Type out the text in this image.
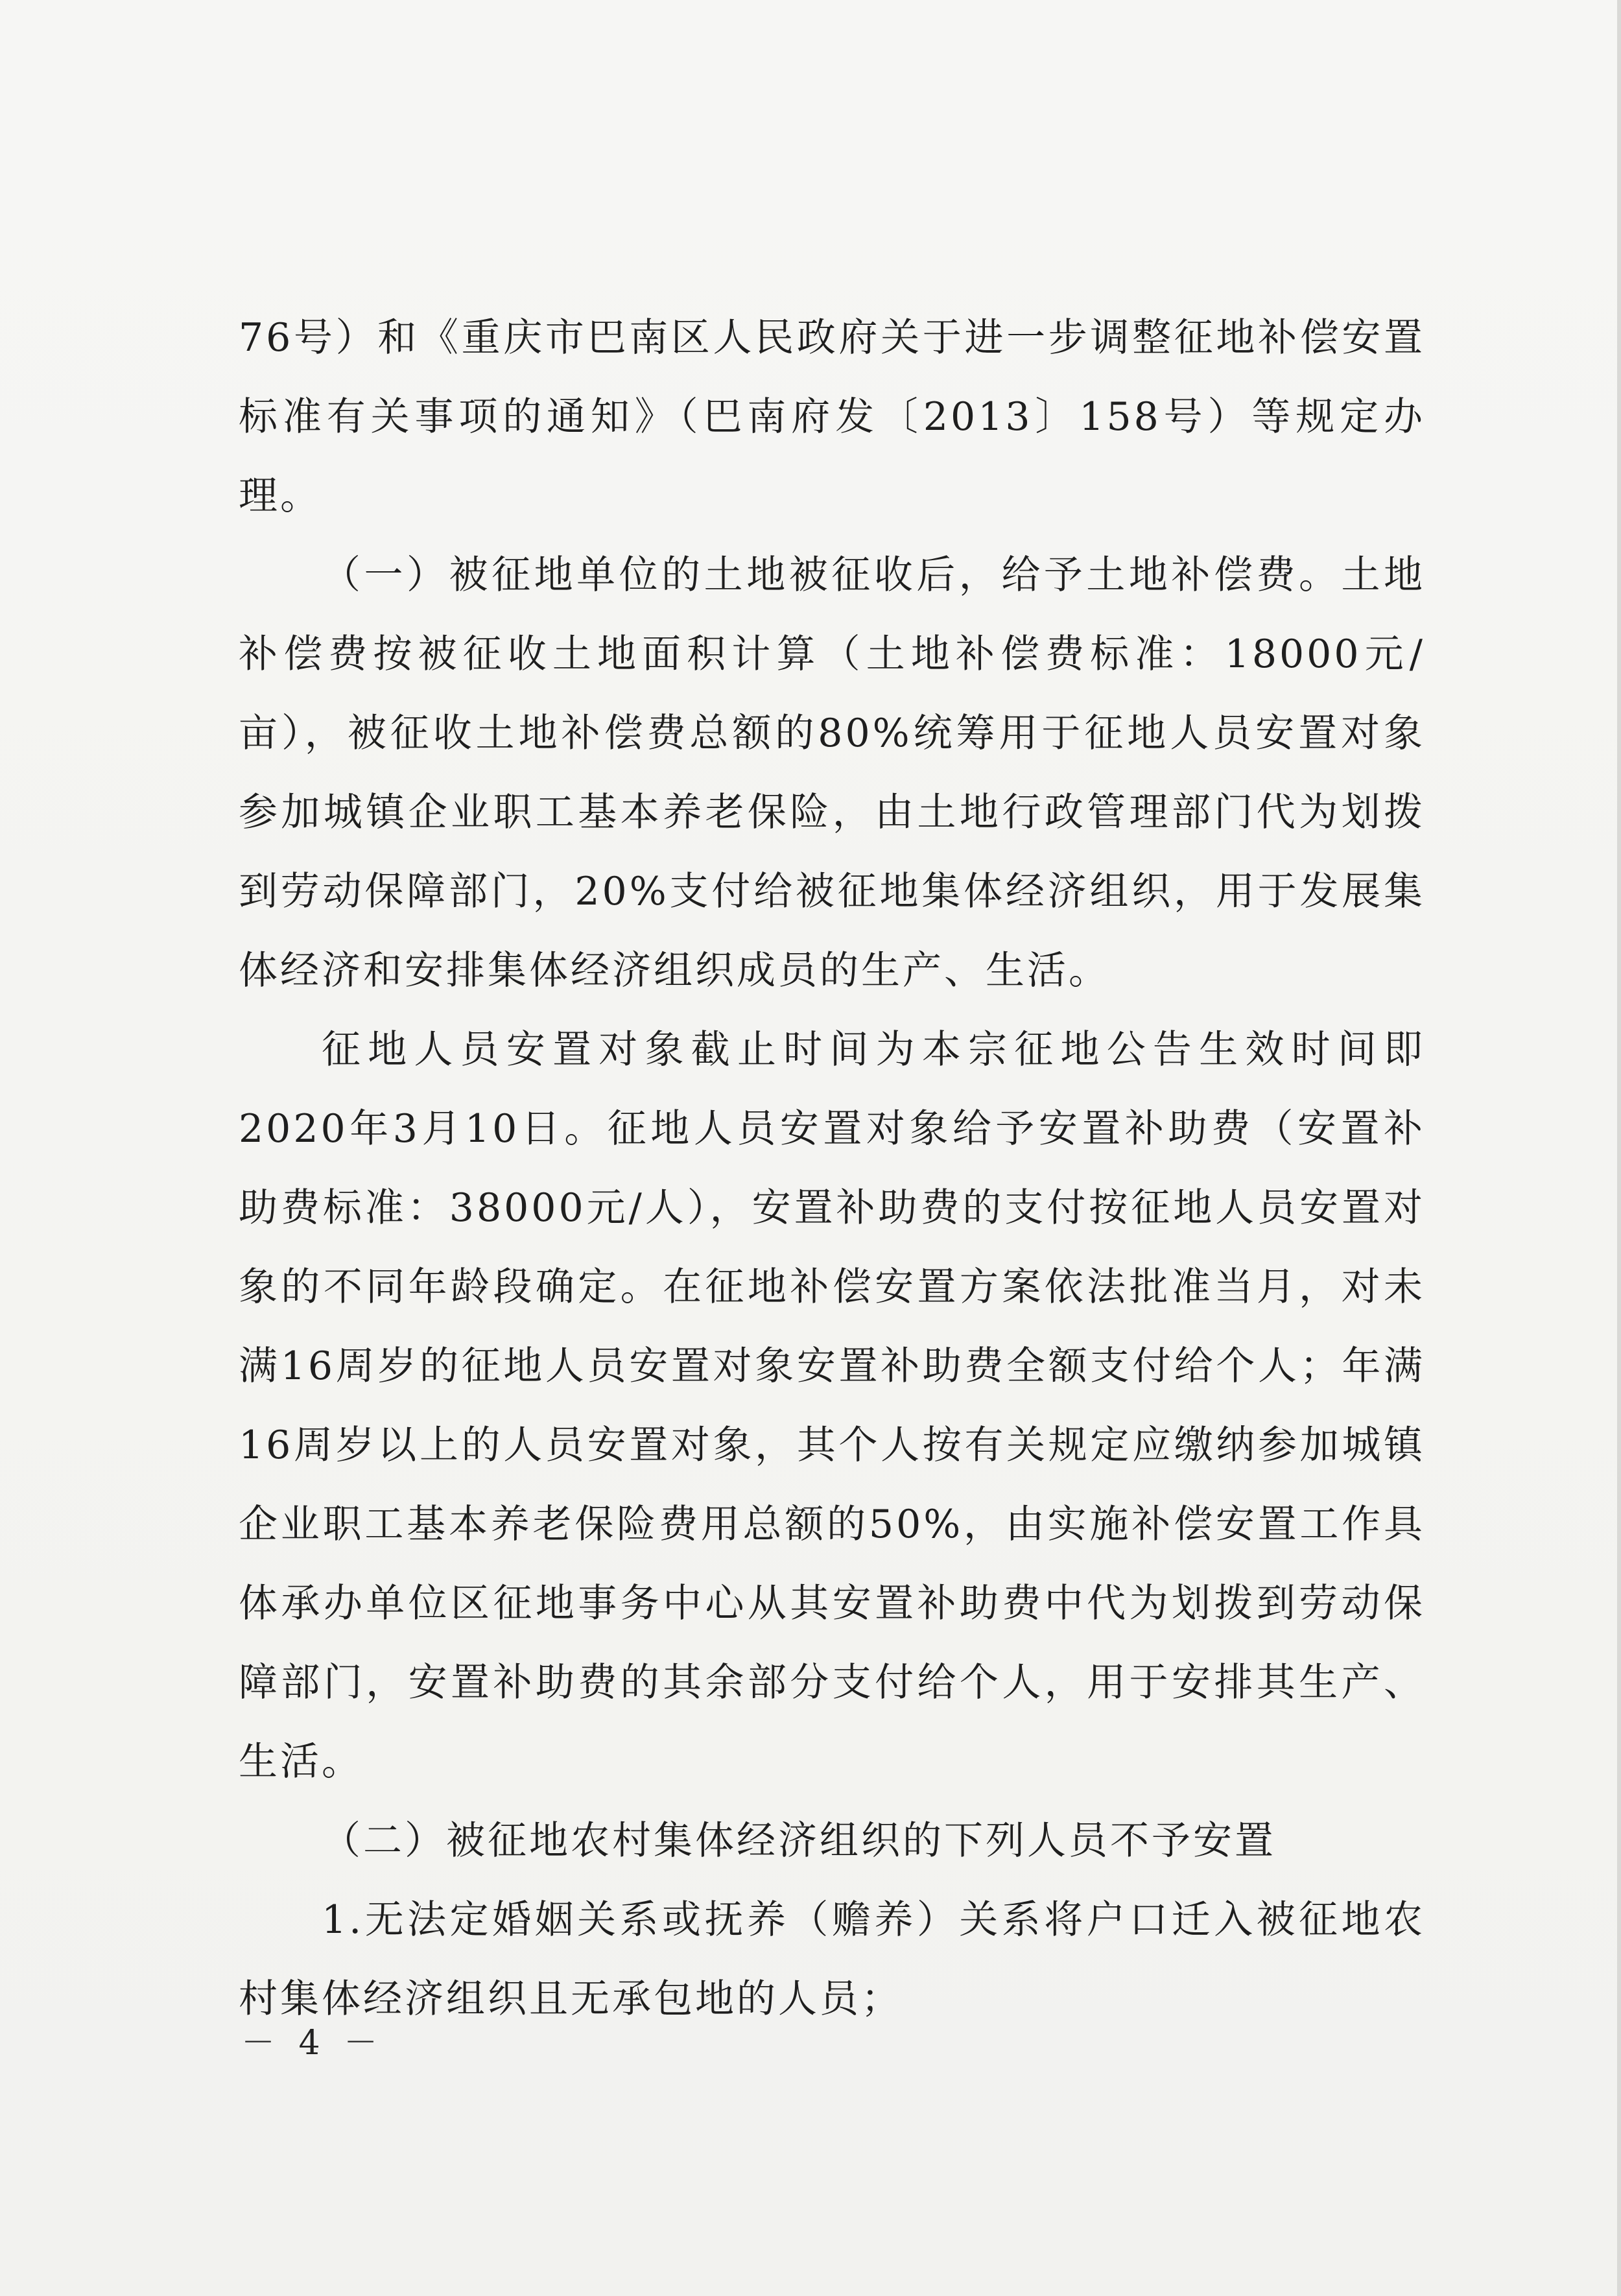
76号）和《重庆市巴南区人民政府关于进一步调整征地补偿安置标准有关事项的通知》（巴南府发〔2013〕158号）等规定办理。

（一）被征地单位的土地被征收后，给予土地补偿费。土地补偿费按被征收土地面积计算（土地补偿费标准：18000元/亩），被征收土地补偿费总额的80%统筹用于征地人员安置对象参加城镇企业职工基本养老保险，由土地行政管理部门代为划拨到劳动保障部门，20%支付给被征地集体经济组织，用于发展集体经济和安排集体经济组织成员的生产、生活。

征地人员安置对象截止时间为本宗征地公告生效时间即2020年3月10日。征地人员安置对象给予安置补助费（安置补助费标准：38000元/人），安置补助费的支付按征地人员安置对象的不同年龄段确定。在征地补偿安置方案依法批准当月，对未满16周岁的征地人员安置对象安置补助费全额支付给个人；年满16周岁以上的人员安置对象，其个人按有关规定应缴纳参加城镇企业职工基本养老保险费用总额的50%，由实施补偿安置工作具体承办单位区征地事务中心从其安置补助费中代为划拨到劳动保障部门，安置补助费的其余部分支付给个人，用于安排其生产、生活。

（二）被征地农村集体经济组织的下列人员不予安置

1.无法定婚姻关系或抚养（赡养）关系将户口迁入被征地农村集体经济组织且无承包地的人员；

－ 4 －
